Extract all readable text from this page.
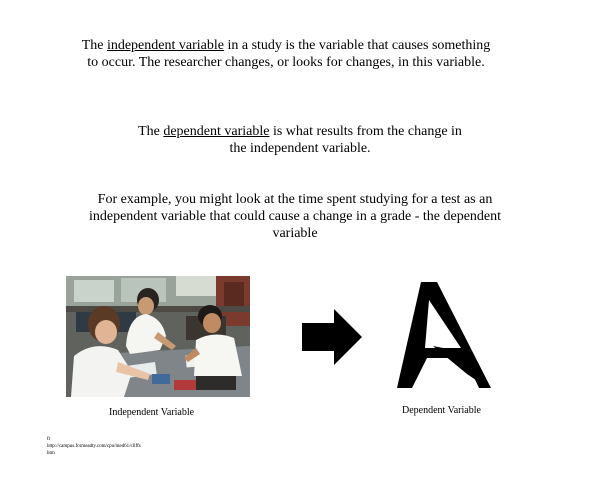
The independent variable in a study is the variable that causes something to occur. The researcher changes, or looks for changes, in this variable.
The dependent variable is what results from the change in the independent variable.
For example, you might look at the time spent studying for a test as an independent variable that could cause a change in a grade - the dependent variable
Independent Variable	Dependent Variable
fr
http://campus.fcsmeadty.com/cpu/med61/cliffs
htm
